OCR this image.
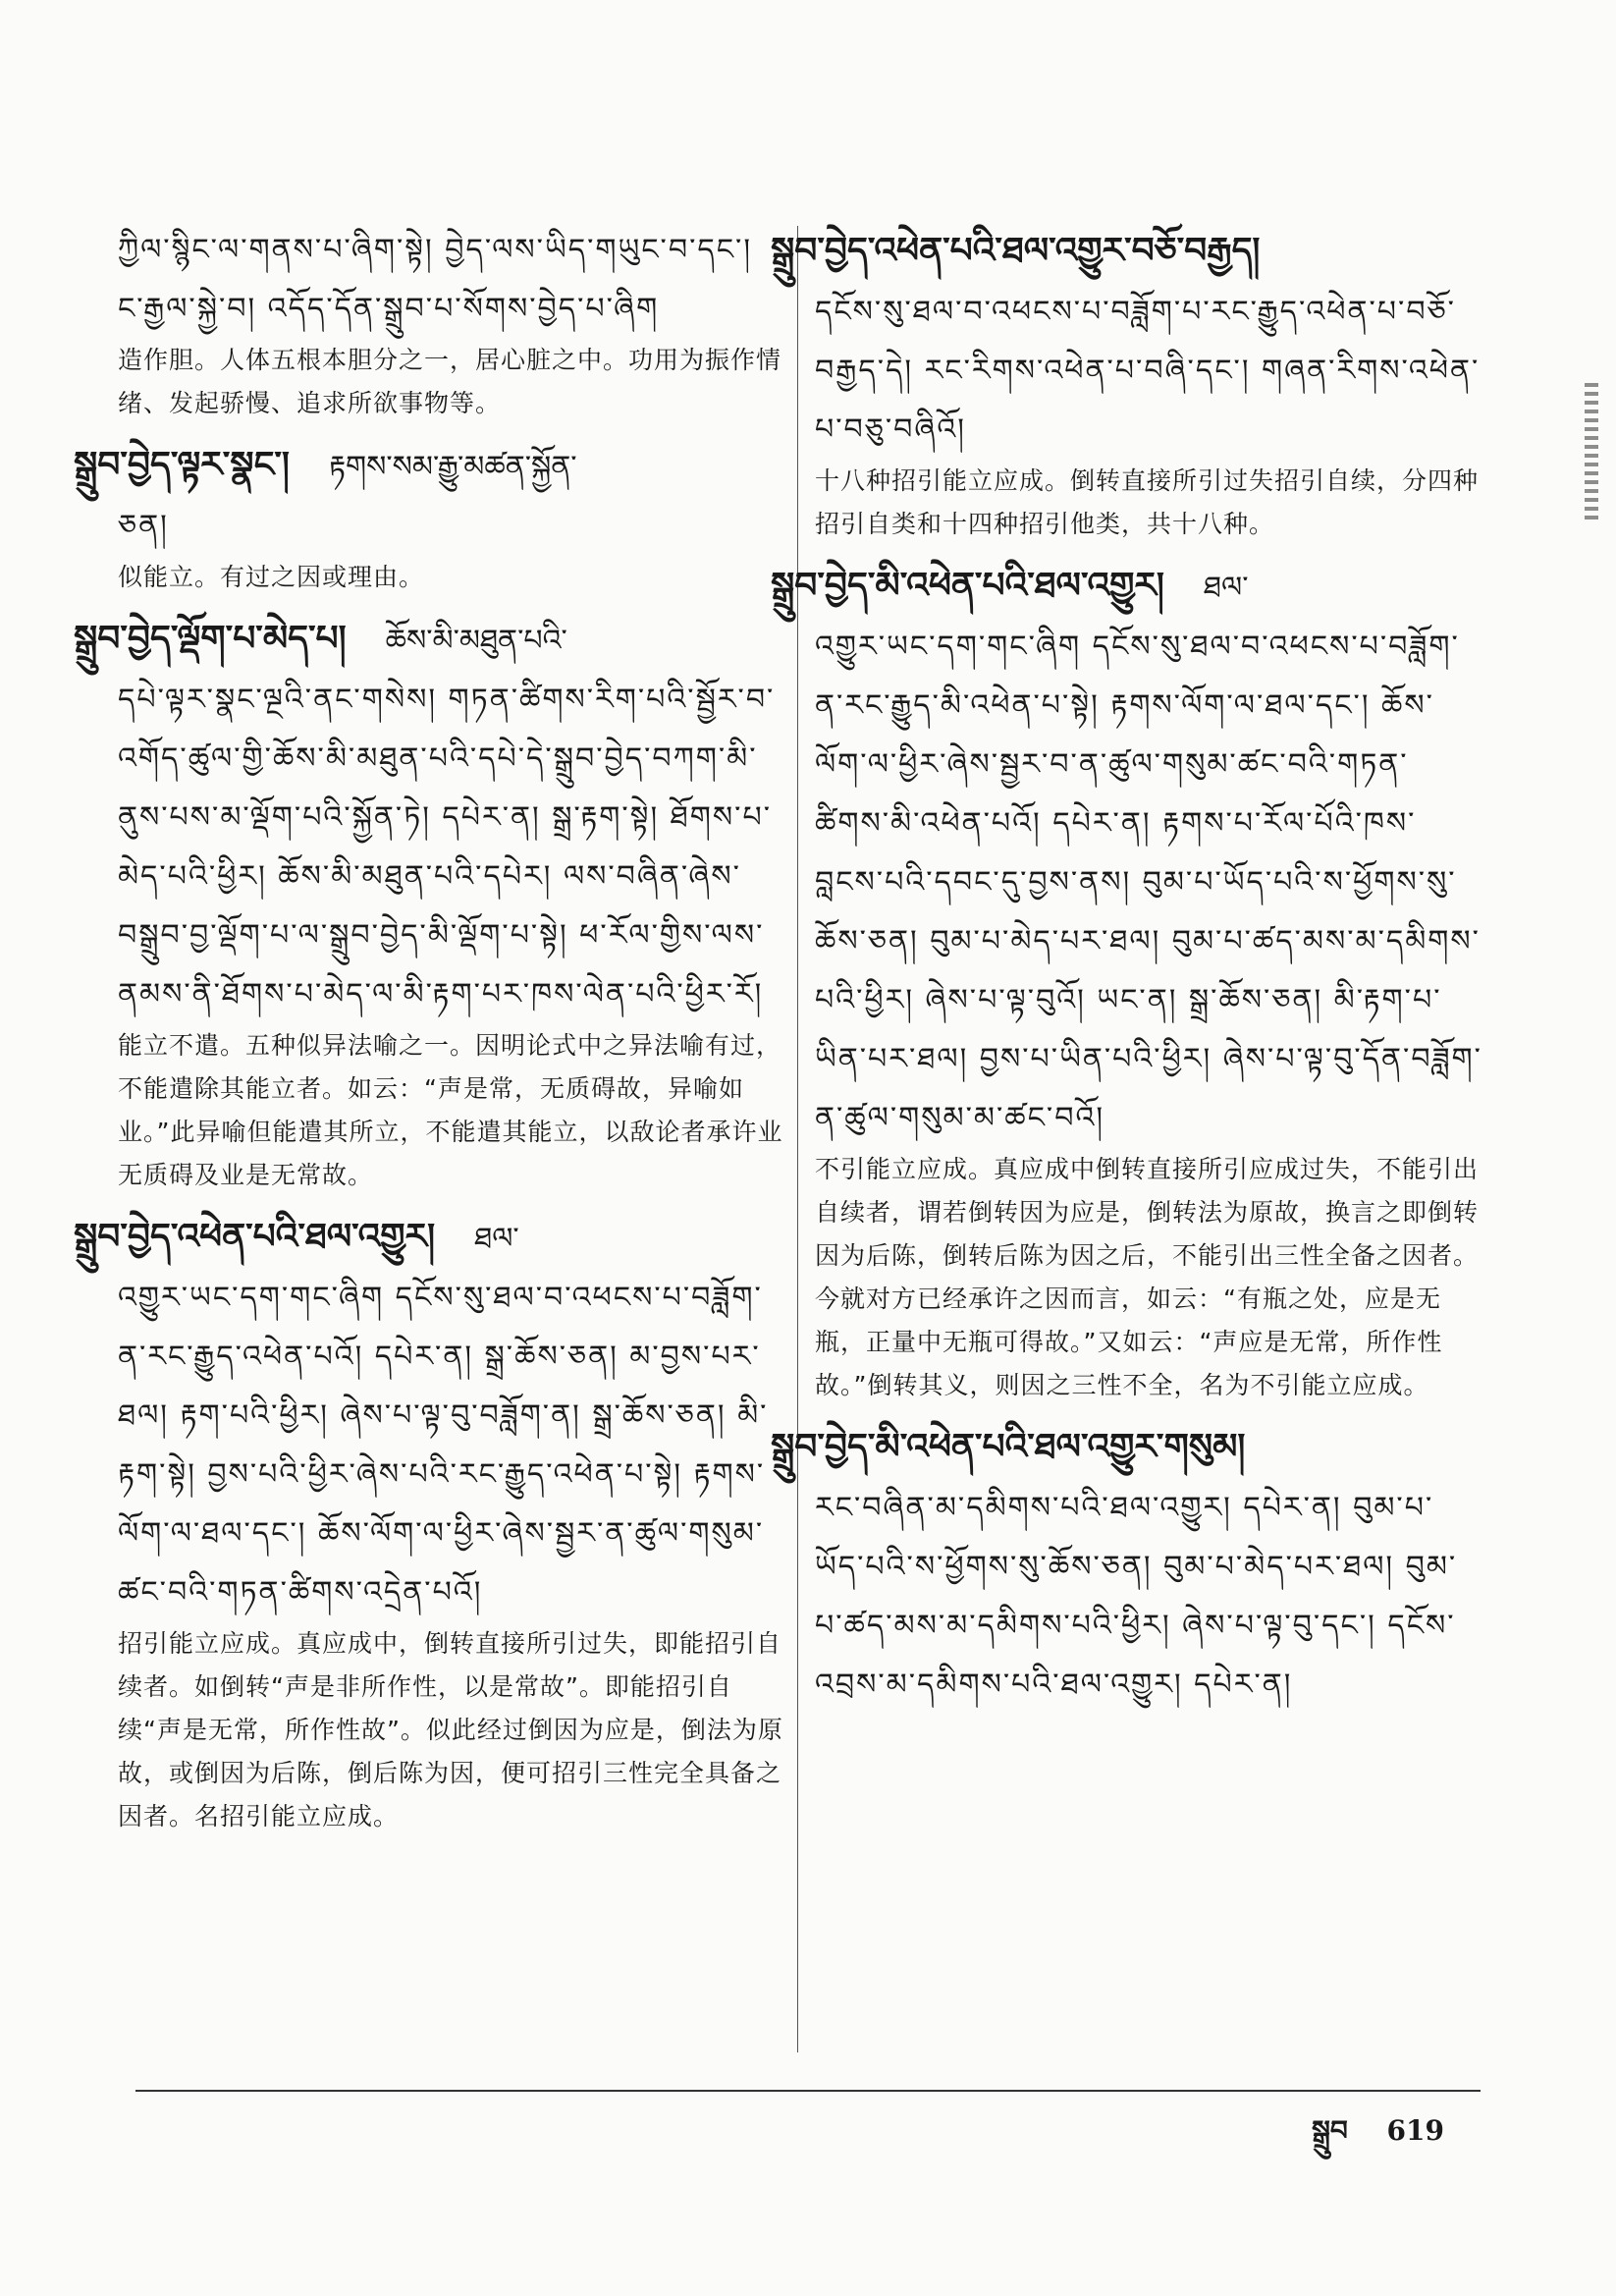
ཀྱིལ་སྙིང་ལ་གནས་པ་ཞིག་སྟེ། བྱེད་ལས་ཡིད་གཡུང་བ་དང་། ང་རྒྱལ་སྐྱེ་བ། འདོད་དོན་སྒྲུབ་པ་སོགས་བྱེད་པ་ཞིག
造作胆。人体五根本胆分之一，居心脏之中。功用为振作情绪、发起骄慢、追求所欲事物等。
སྒྲུབ་བྱེད་ལྟར་སྣང་། རྟགས་སམ་རྒྱུ་མཚན་སྐྱོན་
ཅན།
似能立。有过之因或理由。
སྒྲུབ་བྱེད་ལྡོག་པ་མེད་པ། ཆོས་མི་མཐུན་པའི་
དཔེ་ལྟར་སྣང་ལྔའི་ནང་གསེས། གཏན་ཚིགས་རིག་པའི་སྦྱོར་བ་འགོད་ཚུལ་གྱི་ཆོས་མི་མཐུན་པའི་དཔེ་དེ་སྒྲུབ་བྱེད་བཀག་མི་ནུས་པས་མ་ལྡོག་པའི་སྐྱོན་ཏེ། དཔེར་ན། སྒྲ་རྟག་སྟེ། ཐོགས་པ་མེད་པའི་ཕྱིར། ཆོས་མི་མཐུན་པའི་དཔེར། ལས་བཞིན་ཞེས་བསྒྲུབ་བྱ་ལྡོག་པ་ལ་སྒྲུབ་བྱེད་མི་ལྡོག་པ་སྟེ། ཕ་རོལ་གྱིས་ལས་ནམས་ནི་ཐོགས་པ་མེད་ལ་མི་རྟག་པར་ཁས་ལེན་པའི་ཕྱིར་རོ།
能立不遣。五种似异法喻之一。因明论式中之异法喻有过，不能遣除其能立者。如云：“声是常，无质碍故，异喻如业。”此异喻但能遣其所立，不能遣其能立，以敌论者承许业无质碍及业是无常故。
སྒྲུབ་བྱེད་འཕེན་པའི་ཐལ་འགྱུར། ཐལ་
འགྱུར་ཡང་དག་གང་ཞིག དངོས་སུ་ཐལ་བ་འཕངས་པ་བཟློག་ན་རང་རྒྱུད་འཕེན་པའོ། དཔེར་ན། སྒྲ་ཆོས་ཅན། མ་བྱས་པར་ཐལ། རྟག་པའི་ཕྱིར། ཞེས་པ་ལྟ་བུ་བཟློག་ན། སྒྲ་ཆོས་ཅན། མི་རྟག་སྟེ། བྱས་པའི་ཕྱིར་ཞེས་པའི་རང་རྒྱུད་འཕེན་པ་སྟེ། རྟགས་ལོག་ལ་ཐལ་དང་། ཆོས་ལོག་ལ་ཕྱིར་ཞེས་སྦྱར་ན་ཚུལ་གསུམ་ཚང་བའི་གཏན་ཚིགས་འདྲེན་པའོ།
招引能立应成。真应成中，倒转直接所引过失，即能招引自续者。如倒转“声是非所作性，以是常故”。即能招引自续“声是无常，所作性故”。似此经过倒因为应是，倒法为原故，或倒因为后陈，倒后陈为因，便可招引三性完全具备之因者。名招引能立应成。
སྒྲུབ་བྱེད་འཕེན་པའི་ཐལ་འགྱུར་བཅོ་བརྒྱད།
དངོས་སུ་ཐལ་བ་འཕངས་པ་བཟློག་པ་རང་རྒྱུད་འཕེན་པ་བཅོ་བརྒྱད་དེ། རང་རིགས་འཕེན་པ་བཞི་དང་། གཞན་རིགས་འཕེན་པ་བཅུ་བཞིའོ།
十八种招引能立应成。倒转直接所引过失招引自续，分四种招引自类和十四种招引他类，共十八种。
སྒྲུབ་བྱེད་མི་འཕེན་པའི་ཐལ་འགྱུར། ཐལ་
འགྱུར་ཡང་དག་གང་ཞིག དངོས་སུ་ཐལ་བ་འཕངས་པ་བཟློག་ན་རང་རྒྱུད་མི་འཕེན་པ་སྟེ། རྟགས་ལོག་ལ་ཐལ་དང་། ཆོས་ལོག་ལ་ཕྱིར་ཞེས་སྦྱར་བ་ན་ཚུལ་གསུམ་ཚང་བའི་གཏན་ཚིགས་མི་འཕེན་པའོ། དཔེར་ན། རྟགས་པ་རོལ་པོའི་ཁས་བླངས་པའི་དབང་དུ་བྱས་ནས། བུམ་པ་ཡོད་པའི་ས་ཕྱོགས་སུ་ཆོས་ཅན། བུམ་པ་མེད་པར་ཐལ། བུམ་པ་ཚད་མས་མ་དམིགས་པའི་ཕྱིར། ཞེས་པ་ལྟ་བུའོ། ཡང་ན། སྒྲ་ཆོས་ཅན། མི་རྟག་པ་ཡིན་པར་ཐལ། བྱས་པ་ཡིན་པའི་ཕྱིར། ཞེས་པ་ལྟ་བུ་དོན་བཟློག་ན་ཚུལ་གསུམ་མ་ཚང་བའོ།
不引能立应成。真应成中倒转直接所引应成过失，不能引出自续者，谓若倒转因为应是，倒转法为原故，换言之即倒转因为后陈，倒转后陈为因之后，不能引出三性全备之因者。今就对方已经承许之因而言，如云：“有瓶之处，应是无瓶，正量中无瓶可得故。”又如云：“声应是无常，所作性故。”倒转其义，则因之三性不全，名为不引能立应成。
སྒྲུབ་བྱེད་མི་འཕེན་པའི་ཐལ་འགྱུར་གསུམ།
རང་བཞིན་མ་དམིགས་པའི་ཐལ་འགྱུར། དཔེར་ན། བུམ་པ་ཡོད་པའི་ས་ཕྱོགས་སུ་ཆོས་ཅན། བུམ་པ་མེད་པར་ཐལ། བུམ་པ་ཚད་མས་མ་དམིགས་པའི་ཕྱིར། ཞེས་པ་ལྟ་བུ་དང་། དངོས་འབྲས་མ་དམིགས་པའི་ཐལ་འགྱུར། དཔེར་ན།
སྒྲུབ 619
